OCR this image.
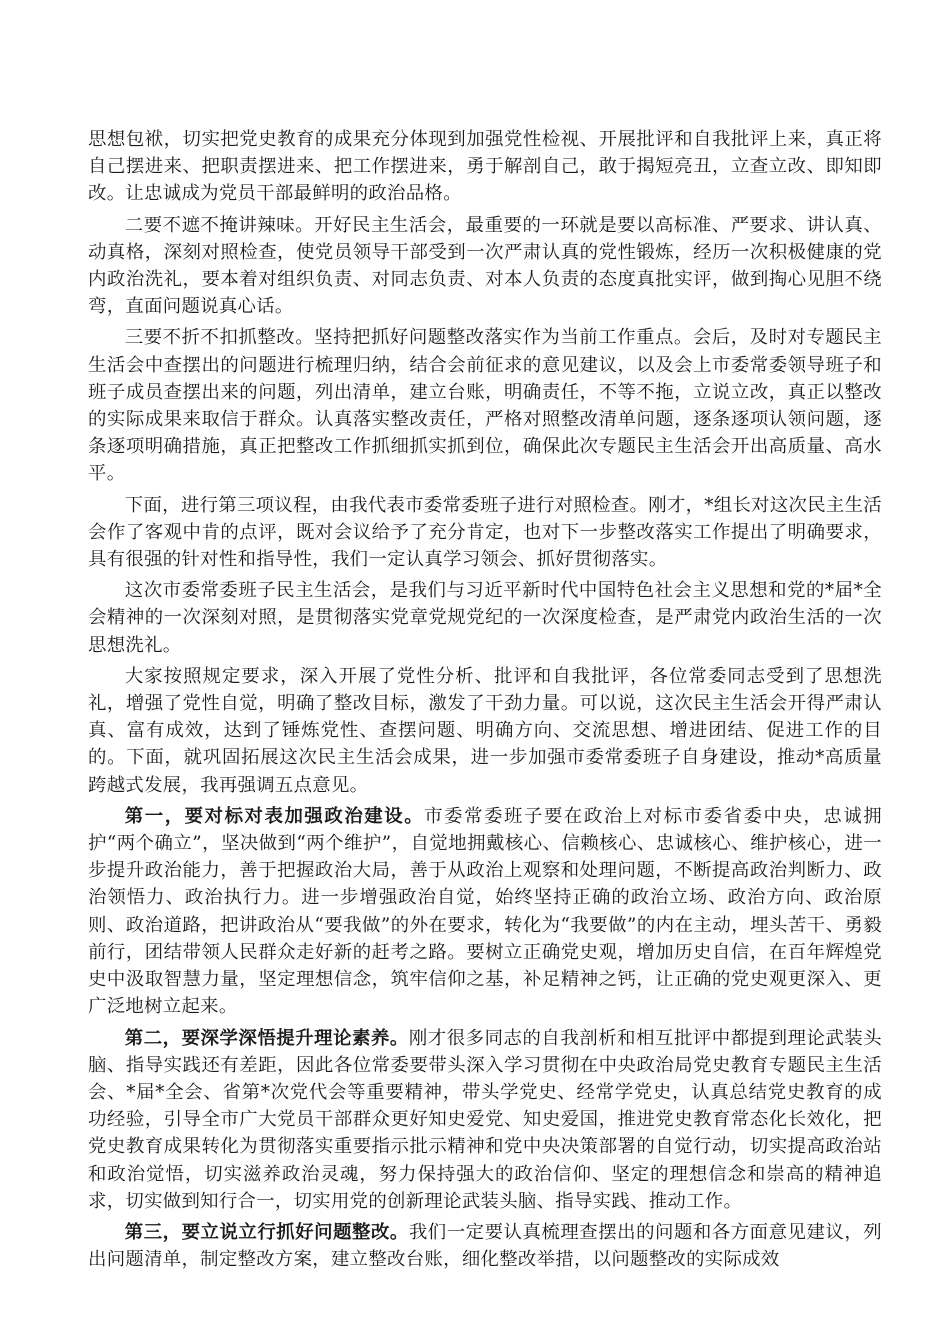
思想包袱，切实把党史教育的成果充分体现到加强党性检视、开展批评和自我批评上来，真正将自己摆进来、把职责摆进来、把工作摆进来，勇于解剖自己，敢于揭短亮丑，立查立改、即知即改。让忠诚成为党员干部最鲜明的政治品格。

二要不遮不掩讲辣味。开好民主生活会，最重要的一环就是要以高标准、严要求、讲认真、动真格，深刻对照检查，使党员领导干部受到一次严肃认真的党性锻炼，经历一次积极健康的党内政治洗礼，要本着对组织负责、对同志负责、对本人负责的态度真批实评，做到掏心见胆不绕弯，直面问题说真心话。

三要不折不扣抓整改。坚持把抓好问题整改落实作为当前工作重点。会后，及时对专题民主生活会中查摆出的问题进行梳理归纳，结合会前征求的意见建议，以及会上市委常委领导班子和班子成员查摆出来的问题，列出清单，建立台账，明确责任，不等不拖，立说立改，真正以整改的实际成果来取信于群众。认真落实整改责任，严格对照整改清单问题，逐条逐项认领问题，逐条逐项明确措施，真正把整改工作抓细抓实抓到位，确保此次专题民主生活会开出高质量、高水平。

下面，进行第三项议程，由我代表市委常委班子进行对照检查。刚才，*组长对这次民主生活会作了客观中肯的点评，既对会议给予了充分肯定，也对下一步整改落实工作提出了明确要求，具有很强的针对性和指导性，我们一定认真学习领会、抓好贯彻落实。

这次市委常委班子民主生活会，是我们与习近平新时代中国特色社会主义思想和党的*届*全会精神的一次深刻对照，是贯彻落实党章党规党纪的一次深度检查，是严肃党内政治生活的一次思想洗礼。

大家按照规定要求，深入开展了党性分析、批评和自我批评，各位常委同志受到了思想洗礼，增强了党性自觉，明确了整改目标，激发了干劲力量。可以说，这次民主生活会开得严肃认真、富有成效，达到了锤炼党性、查摆问题、明确方向、交流思想、增进团结、促进工作的目的。下面，就巩固拓展这次民主生活会成果，进一步加强市委常委班子自身建设，推动*高质量跨越式发展，我再强调五点意见。

第一，要对标对表加强政治建设。市委常委班子要在政治上对标市委省委中央，忠诚拥护“两个确立”，坚决做到“两个维护”，自觉地拥戴核心、信赖核心、忠诚核心、维护核心，进一步提升政治能力，善于把握政治大局，善于从政治上观察和处理问题，不断提高政治判断力、政治领悟力、政治执行力。进一步增强政治自觉，始终坚持正确的政治立场、政治方向、政治原则、政治道路，把讲政治从“要我做”的外在要求，转化为“我要做”的内在主动，埋头苦干、勇毅前行，团结带领人民群众走好新的赶考之路。要树立正确党史观，增加历史自信，在百年辉煌党史中汲取智慧力量，坚定理想信念，筑牢信仰之基，补足精神之钙，让正确的党史观更深入、更广泛地树立起来。

第二，要深学深悟提升理论素养。刚才很多同志的自我剖析和相互批评中都提到理论武装头脑、指导实践还有差距，因此各位常委要带头深入学习贯彻在中央政治局党史教育专题民主生活会、*届*全会、省第*次党代会等重要精神，带头学党史、经常学党史，认真总结党史教育的成功经验，引导全市广大党员干部群众更好知史爱党、知史爱国，推进党史教育常态化长效化，把党史教育成果转化为贯彻落实重要指示批示精神和党中央决策部署的自觉行动，切实提高政治站和政治觉悟，切实滋养政治灵魂，努力保持强大的政治信仰、坚定的理想信念和崇高的精神追求，切实做到知行合一，切实用党的创新理论武装头脑、指导实践、推动工作。

第三，要立说立行抓好问题整改。我们一定要认真梳理查摆出的问题和各方面意见建议，列出问题清单，制定整改方案，建立整改台账，细化整改举措，以问题整改的实际成效
